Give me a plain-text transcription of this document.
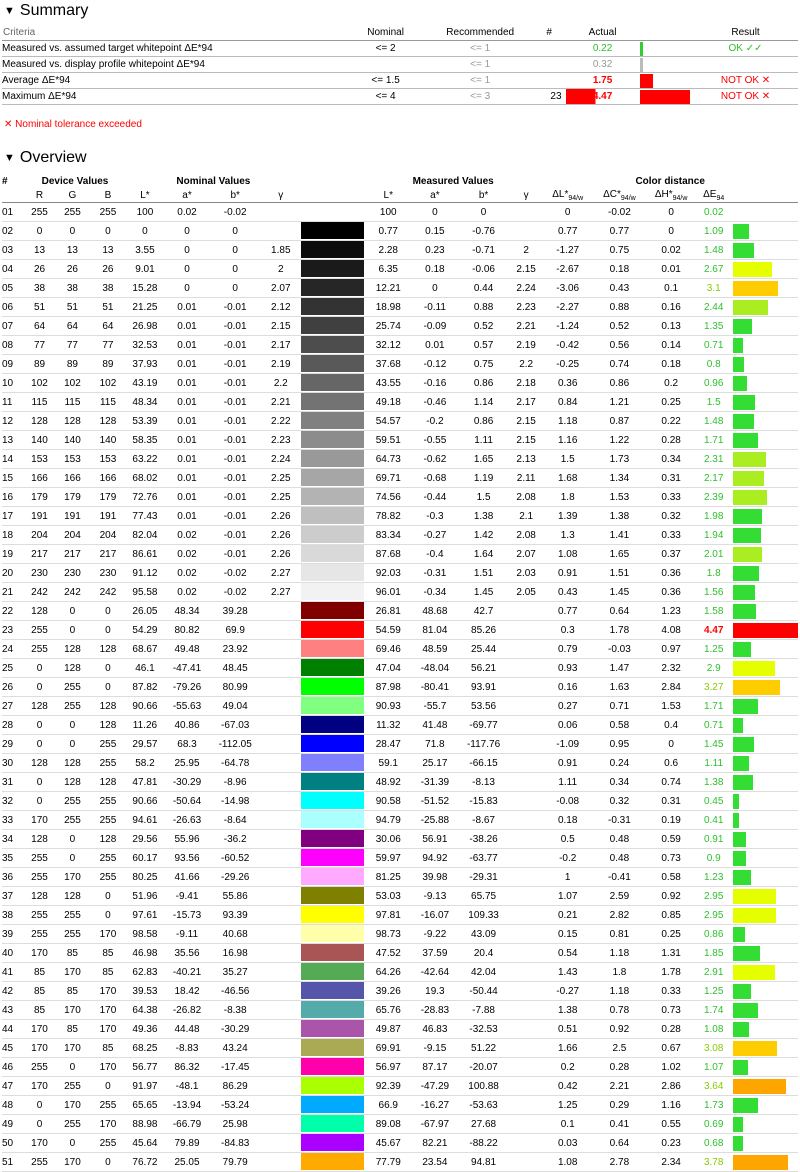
▼ Summary
Criteria	Nominal	Recommended	#	Actual		Result
Measured vs. assumed target whitepoint ΔE*94	<= 2	<= 1		0.22		OK ✓✓
Measured vs. display profile whitepoint ΔE*94		<= 1		0.32	

Average ΔE*94	<= 1.5	<= 1		1.75		NOT OK ✕
Maximum ΔE*94	<= 4	<= 3	23	4.47		NOT OK ✕
✕ Nominal tolerance exceeded
▼ Overview
#	Device Values			Nominal Values					Measured Values				Color distance				
	R	G	B	L*	a*	b*	γ		L*	a*	b*	γ	$\Delta L*_{94/w}$	$\Delta C*_{94/w}$	$\Delta H*_{94/w}$	$\Delta E_{94}$	
01	255	255	255	100	0.02	-0.02			100	0	0		0	-0.02	0	0.02	

02	0	0	0	0	0	0			0.77	0.15	-0.76		0.77	0.77	0	1.09	

03	13	13	13	3.55	0	0	1.85		2.28	0.23	-0.71	2	-1.27	0.75	0.02	1.48	

04	26	26	26	9.01	0	0	2		6.35	0.18	-0.06	2.15	-2.67	0.18	0.01	2.67	

05	38	38	38	15.28	0	0	2.07		12.21	0	0.44	2.24	-3.06	0.43	0.1	3.1	

06	51	51	51	21.25	0.01	-0.01	2.12		18.98	-0.11	0.88	2.23	-2.27	0.88	0.16	2.44	

07	64	64	64	26.98	0.01	-0.01	2.15		25.74	-0.09	0.52	2.21	-1.24	0.52	0.13	1.35	

08	77	77	77	32.53	0.01	-0.01	2.17		32.12	0.01	0.57	2.19	-0.42	0.56	0.14	0.71	

09	89	89	89	37.93	0.01	-0.01	2.19		37.68	-0.12	0.75	2.2	-0.25	0.74	0.18	0.8	

10	102	102	102	43.19	0.01	-0.01	2.2		43.55	-0.16	0.86	2.18	0.36	0.86	0.2	0.96	

11	115	115	115	48.34	0.01	-0.01	2.21		49.18	-0.46	1.14	2.17	0.84	1.21	0.25	1.5	

12	128	128	128	53.39	0.01	-0.01	2.22		54.57	-0.2	0.86	2.15	1.18	0.87	0.22	1.48	

13	140	140	140	58.35	0.01	-0.01	2.23		59.51	-0.55	1.11	2.15	1.16	1.22	0.28	1.71	

14	153	153	153	63.22	0.01	-0.01	2.24		64.73	-0.62	1.65	2.13	1.5	1.73	0.34	2.31	

15	166	166	166	68.02	0.01	-0.01	2.25		69.71	-0.68	1.19	2.11	1.68	1.34	0.31	2.17	

16	179	179	179	72.76	0.01	-0.01	2.25		74.56	-0.44	1.5	2.08	1.8	1.53	0.33	2.39	

17	191	191	191	77.43	0.01	-0.01	2.26		78.82	-0.3	1.38	2.1	1.39	1.38	0.32	1.98	

18	204	204	204	82.04	0.02	-0.01	2.26		83.34	-0.27	1.42	2.08	1.3	1.41	0.33	1.94	

19	217	217	217	86.61	0.02	-0.01	2.26		87.68	-0.4	1.64	2.07	1.08	1.65	0.37	2.01	

20	230	230	230	91.12	0.02	-0.02	2.27		92.03	-0.31	1.51	2.03	0.91	1.51	0.36	1.8	

21	242	242	242	95.58	0.02	-0.02	2.27		96.01	-0.34	1.45	2.05	0.43	1.45	0.36	1.56	

22	128	0	0	26.05	48.34	39.28			26.81	48.68	42.7		0.77	0.64	1.23	1.58	

23	255	0	0	54.29	80.82	69.9			54.59	81.04	85.26		0.3	1.78	4.08	4.47	

24	255	128	128	68.67	49.48	23.92			69.46	48.59	25.44		0.79	-0.03	0.97	1.25	

25	0	128	0	46.1	-47.41	48.45			47.04	-48.04	56.21		0.93	1.47	2.32	2.9	

26	0	255	0	87.82	-79.26	80.99			87.98	-80.41	93.91		0.16	1.63	2.84	3.27	

27	128	255	128	90.66	-55.63	49.04			90.93	-55.7	53.56		0.27	0.71	1.53	1.71	

28	0	0	128	11.26	40.86	-67.03			11.32	41.48	-69.77		0.06	0.58	0.4	0.71	

29	0	0	255	29.57	68.3	-112.05			28.47	71.8	-117.76		-1.09	0.95	0	1.45	

30	128	128	255	58.2	25.95	-64.78			59.1	25.17	-66.15		0.91	0.24	0.6	1.11	

31	0	128	128	47.81	-30.29	-8.96			48.92	-31.39	-8.13		1.11	0.34	0.74	1.38	

32	0	255	255	90.66	-50.64	-14.98			90.58	-51.52	-15.83		-0.08	0.32	0.31	0.45	

33	170	255	255	94.61	-26.63	-8.64			94.79	-25.88	-8.67		0.18	-0.31	0.19	0.41	

34	128	0	128	29.56	55.96	-36.2			30.06	56.91	-38.26		0.5	0.48	0.59	0.91	

35	255	0	255	60.17	93.56	-60.52			59.97	94.92	-63.77		-0.2	0.48	0.73	0.9	

36	255	170	255	80.25	41.66	-29.26			81.25	39.98	-29.31		1	-0.41	0.58	1.23	

37	128	128	0	51.96	-9.41	55.86			53.03	-9.13	65.75		1.07	2.59	0.92	2.95	

38	255	255	0	97.61	-15.73	93.39			97.81	-16.07	109.33		0.21	2.82	0.85	2.95	

39	255	255	170	98.58	-9.11	40.68			98.73	-9.22	43.09		0.15	0.81	0.25	0.86	

40	170	85	85	46.98	35.56	16.98			47.52	37.59	20.4		0.54	1.18	1.31	1.85	

41	85	170	85	62.83	-40.21	35.27			64.26	-42.64	42.04		1.43	1.8	1.78	2.91	

42	85	85	170	39.53	18.42	-46.56			39.26	19.3	-50.44		-0.27	1.18	0.33	1.25	

43	85	170	170	64.38	-26.82	-8.38			65.76	-28.83	-7.88		1.38	0.78	0.73	1.74	

44	170	85	170	49.36	44.48	-30.29			49.87	46.83	-32.53		0.51	0.92	0.28	1.08	

45	170	170	85	68.25	-8.83	43.24			69.91	-9.15	51.22		1.66	2.5	0.67	3.08	

46	255	0	170	56.77	86.32	-17.45			56.97	87.17	-20.07		0.2	0.28	1.02	1.07	

47	170	255	0	91.97	-48.1	86.29			92.39	-47.29	100.88		0.42	2.21	2.86	3.64	

48	0	170	255	65.65	-13.94	-53.24			66.9	-16.27	-53.63		1.25	0.29	1.16	1.73	

49	0	255	170	88.98	-66.79	25.98			89.08	-67.97	27.68		0.1	0.41	0.55	0.69	

50	170	0	255	45.64	79.89	-84.83			45.67	82.21	-88.22		0.03	0.64	0.23	0.68	

51	255	170	0	76.72	25.05	79.79			77.79	23.54	94.81		1.08	2.78	2.34	3.78	
